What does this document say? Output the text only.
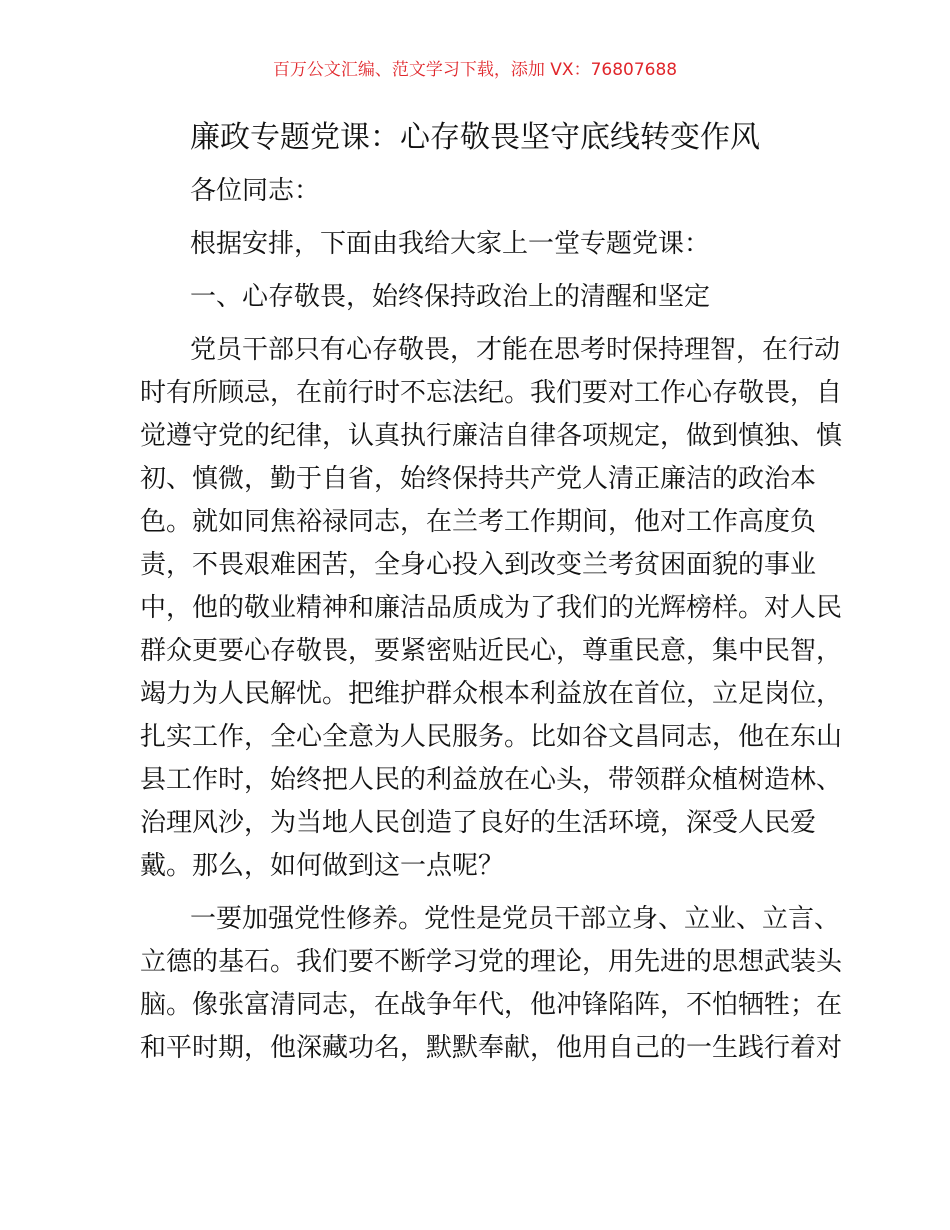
百万公文汇编、范文学习下载，添加 VX：76807688
廉政专题党课：心存敬畏坚守底线转变作风
各位同志：
根据安排，下面由我给大家上一堂专题党课：
一、心存敬畏，始终保持政治上的清醒和坚定
党员干部只有心存敬畏，才能在思考时保持理智，在行动
时有所顾忌，在前行时不忘法纪。我们要对工作心存敬畏，自
觉遵守党的纪律，认真执行廉洁自律各项规定，做到慎独、慎
初、慎微，勤于自省，始终保持共产党人清正廉洁的政治本
色。就如同焦裕禄同志，在兰考工作期间，他对工作高度负
责，不畏艰难困苦，全身心投入到改变兰考贫困面貌的事业
中，他的敬业精神和廉洁品质成为了我们的光辉榜样。对人民
群众更要心存敬畏，要紧密贴近民心，尊重民意，集中民智，
竭力为人民解忧。把维护群众根本利益放在首位，立足岗位，
扎实工作，全心全意为人民服务。比如谷文昌同志，他在东山
县工作时，始终把人民的利益放在心头，带领群众植树造林、
治理风沙，为当地人民创造了良好的生活环境，深受人民爱
戴。那么，如何做到这一点呢？
一要加强党性修养。党性是党员干部立身、立业、立言、
立德的基石。我们要不断学习党的理论，用先进的思想武装头
脑。像张富清同志，在战争年代，他冲锋陷阵，不怕牺牲；在
和平时期，他深藏功名，默默奉献，他用自己的一生践行着对
